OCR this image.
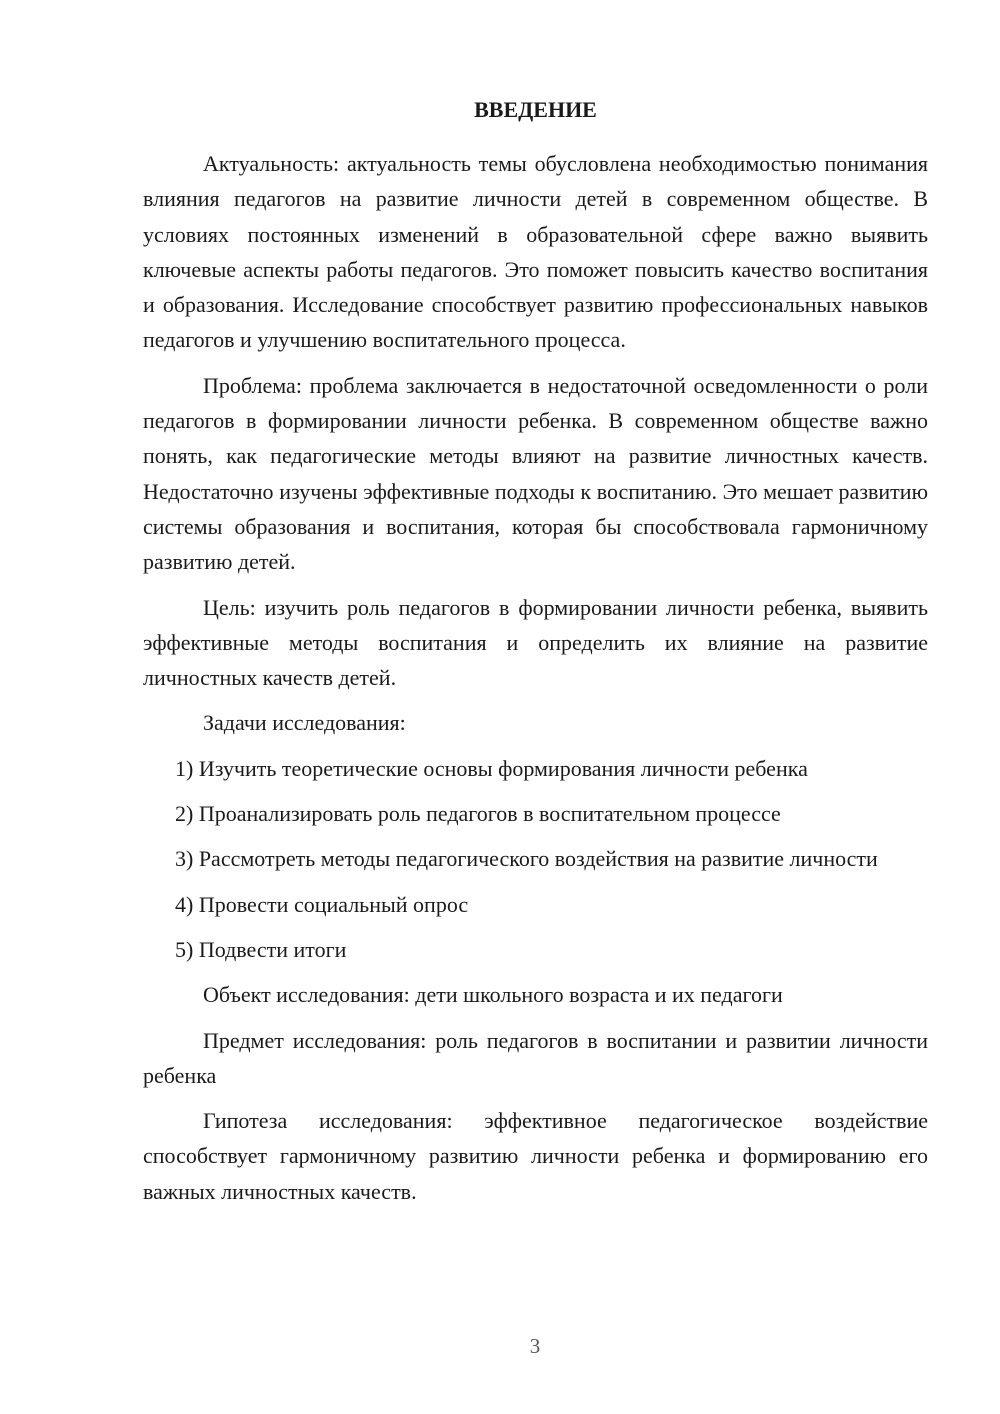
ВВЕДЕНИЕ

Актуальность: актуальность темы обусловлена необходимостью понимания влияния педагогов на развитие личности детей в современном обществе. В условиях постоянных изменений в образовательной сфере важно выявить ключевые аспекты работы педагогов. Это поможет повысить качество воспитания и образования. Исследование способствует развитию профессиональных навыков педагогов и улучшению воспитательного процесса.

Проблема: проблема заключается в недостаточной осведомленности о роли педагогов в формировании личности ребенка. В современном обществе важно понять, как педагогические методы влияют на развитие личностных качеств. Недостаточно изучены эффективные подходы к воспитанию. Это мешает развитию системы образования и воспитания, которая бы способствовала гармоничному развитию детей.

Цель: изучить роль педагогов в формировании личности ребенка, выявить эффективные методы воспитания и определить их влияние на развитие личностных качеств детей.

Задачи исследования:

1) Изучить теоретические основы формирования личности ребенка

2) Проанализировать роль педагогов в воспитательном процессе

3) Рассмотреть методы педагогического воздействия на развитие личности

4) Провести социальный опрос

5) Подвести итоги

Объект исследования: дети школьного возраста и их педагоги

Предмет исследования: роль педагогов в воспитании и развитии личности ребенка

Гипотеза исследования: эффективное педагогическое воздействие способствует гармоничному развитию личности ребенка и формированию его важных личностных качеств.

3
